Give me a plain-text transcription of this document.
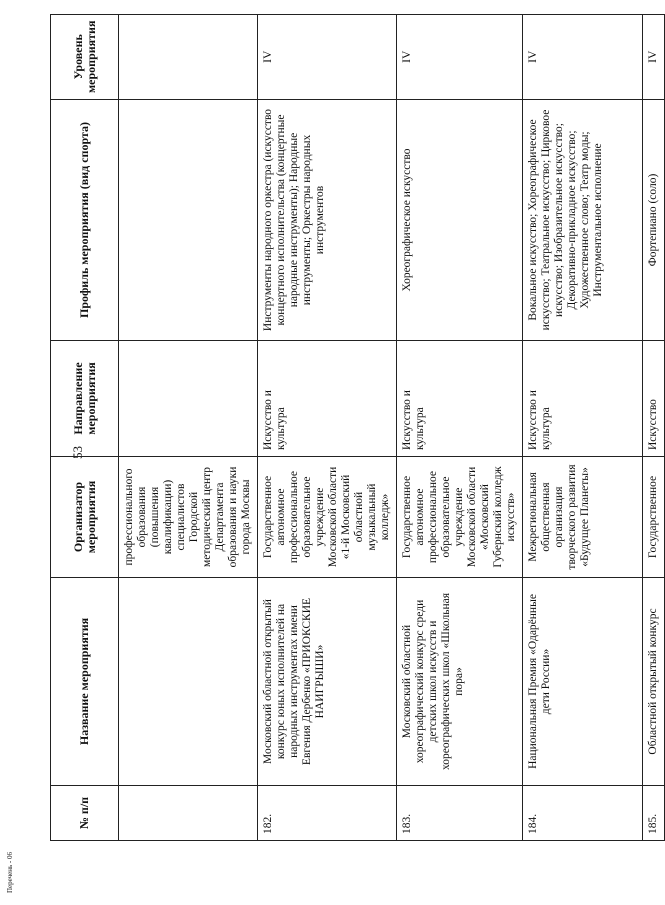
53
№ п/п	Название мероприятия	Организатор мероприятия	Направление мероприятия	Профиль мероприятия (вид спорта)	Уровень мероприятия
		профессионального образования (повышения квалификации) специалистов Городской методический центр Департамента образования и науки города Москвы			
182.	Московский областной открытый конкурс юных исполнителей на народных инструментах имени Евгения Дербенко «ПРИОКСКИЕ НАИГРЫШИ»	Государственное автономное профессиональное образовательное учреждение Московской области «1-й Московский областной музыкальный колледж»	Искусство и культура	Инструменты народного оркестра (искусство концертного исполнительства (концертные народные инструменты); Народные инструменты; Оркестры народных инструментов	IV
183.	Московский областной хореографический конкурс среди детских школ искусств и хореографических школ «Школьная пора»	Государственное автономное профессиональное образовательное учреждение Московской области «Московский Губернский колледж искусств»	Искусство и культура	Хореографическое искусство	IV
184.	Национальная Премия «Одарённые дети России»	Межрегиональная общественная организация творческого развития «Будущее Планеты»	Искусство и культура	Вокальное искусство; Хореографическое искусство; Театральное искусство; Цирковое искусство; Изобразительное искусство; Декоративно-прикладное искусство; Художественное слово; Театр моды; Инструментальное исполнение	IV
185.	Областной открытый конкурс	Государственное	Искусство	Фортепиано (соло)	IV
Перечень - 06
